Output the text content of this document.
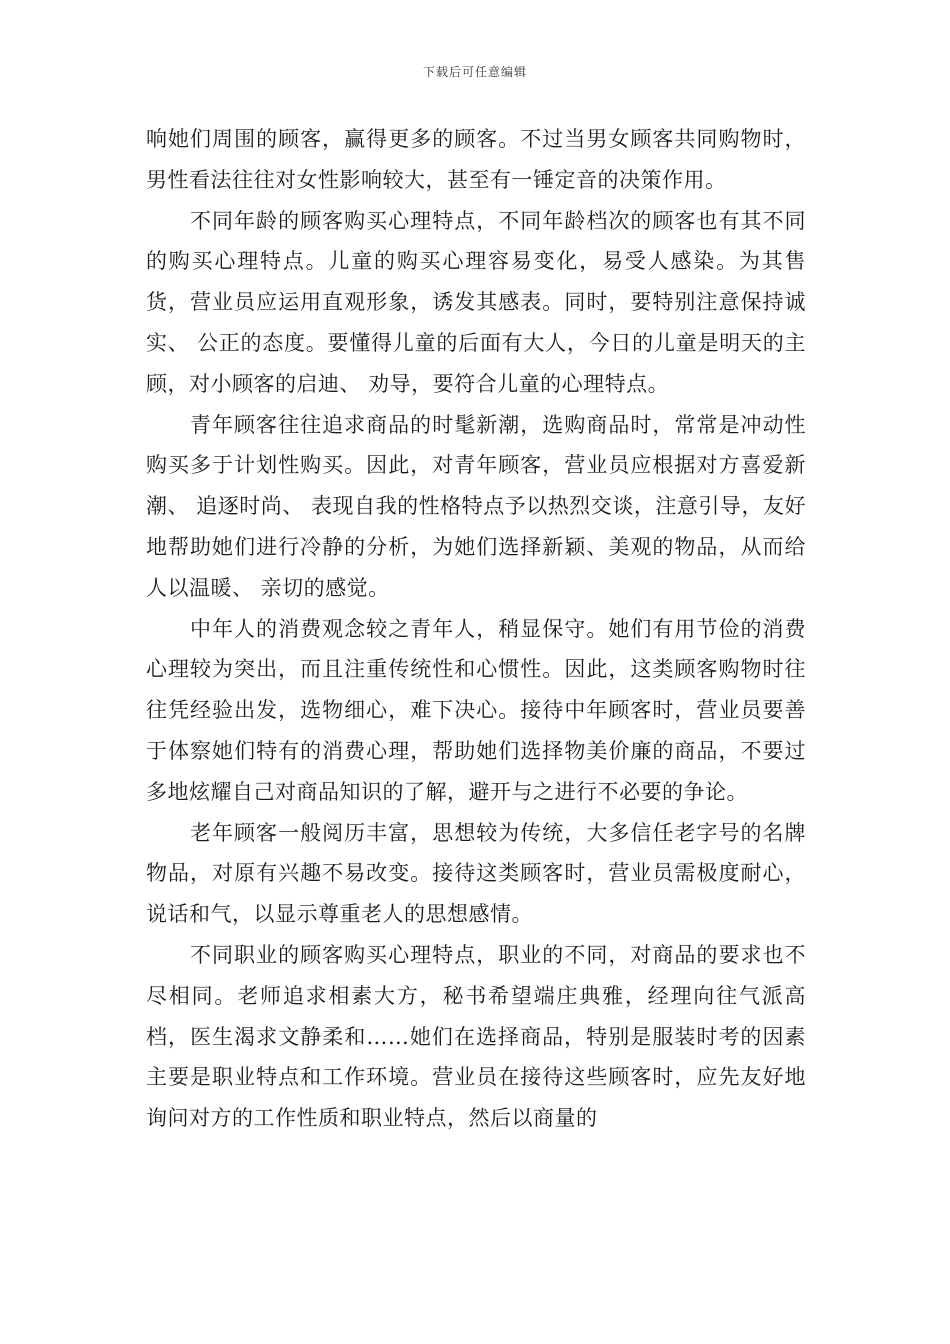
下载后可任意编辑

响她们周围的顾客，赢得更多的顾客。不过当男女顾客共同购物时，男性看法往往对女性影响较大，甚至有一锤定音的决策作用。

不同年龄的顾客购买心理特点，不同年龄档次的顾客也有其不同的购买心理特点。儿童的购买心理容易变化，易受人感染。为其售货，营业员应运用直观形象，诱发其感表。同时，要特别注意保持诚实、 公正的态度。要懂得儿童的后面有大人，今日的儿童是明天的主顾，对小顾客的启迪、 劝导，要符合儿童的心理特点。

青年顾客往往追求商品的时髦新潮，选购商品时，常常是冲动性购买多于计划性购买。因此，对青年顾客，营业员应根据对方喜爱新潮、 追逐时尚、 表现自我的性格特点予以热烈交谈，注意引导，友好地帮助她们进行冷静的分析，为她们选择新颖、美观的物品，从而给人以温暖、 亲切的感觉。

中年人的消费观念较之青年人，稍显保守。她们有用节俭的消费心理较为突出，而且注重传统性和心惯性。因此，这类顾客购物时往往凭经验出发，选物细心，难下决心。接待中年顾客时，营业员要善于体察她们特有的消费心理，帮助她们选择物美价廉的商品，不要过多地炫耀自己对商品知识的了解，避开与之进行不必要的争论。

老年顾客一般阅历丰富，思想较为传统，大多信任老字号的名牌物品，对原有兴趣不易改变。接待这类顾客时，营业员需极度耐心，说话和气，以显示尊重老人的思想感情。

不同职业的顾客购买心理特点，职业的不同，对商品的要求也不尽相同。老师追求相素大方，秘书希望端庄典雅，经理向往气派高档，医生渴求文静柔和……她们在选择商品，特别是服装时考的因素主要是职业特点和工作环境。营业员在接待这些顾客时，应先友好地询问对方的工作性质和职业特点，然后以商量的
